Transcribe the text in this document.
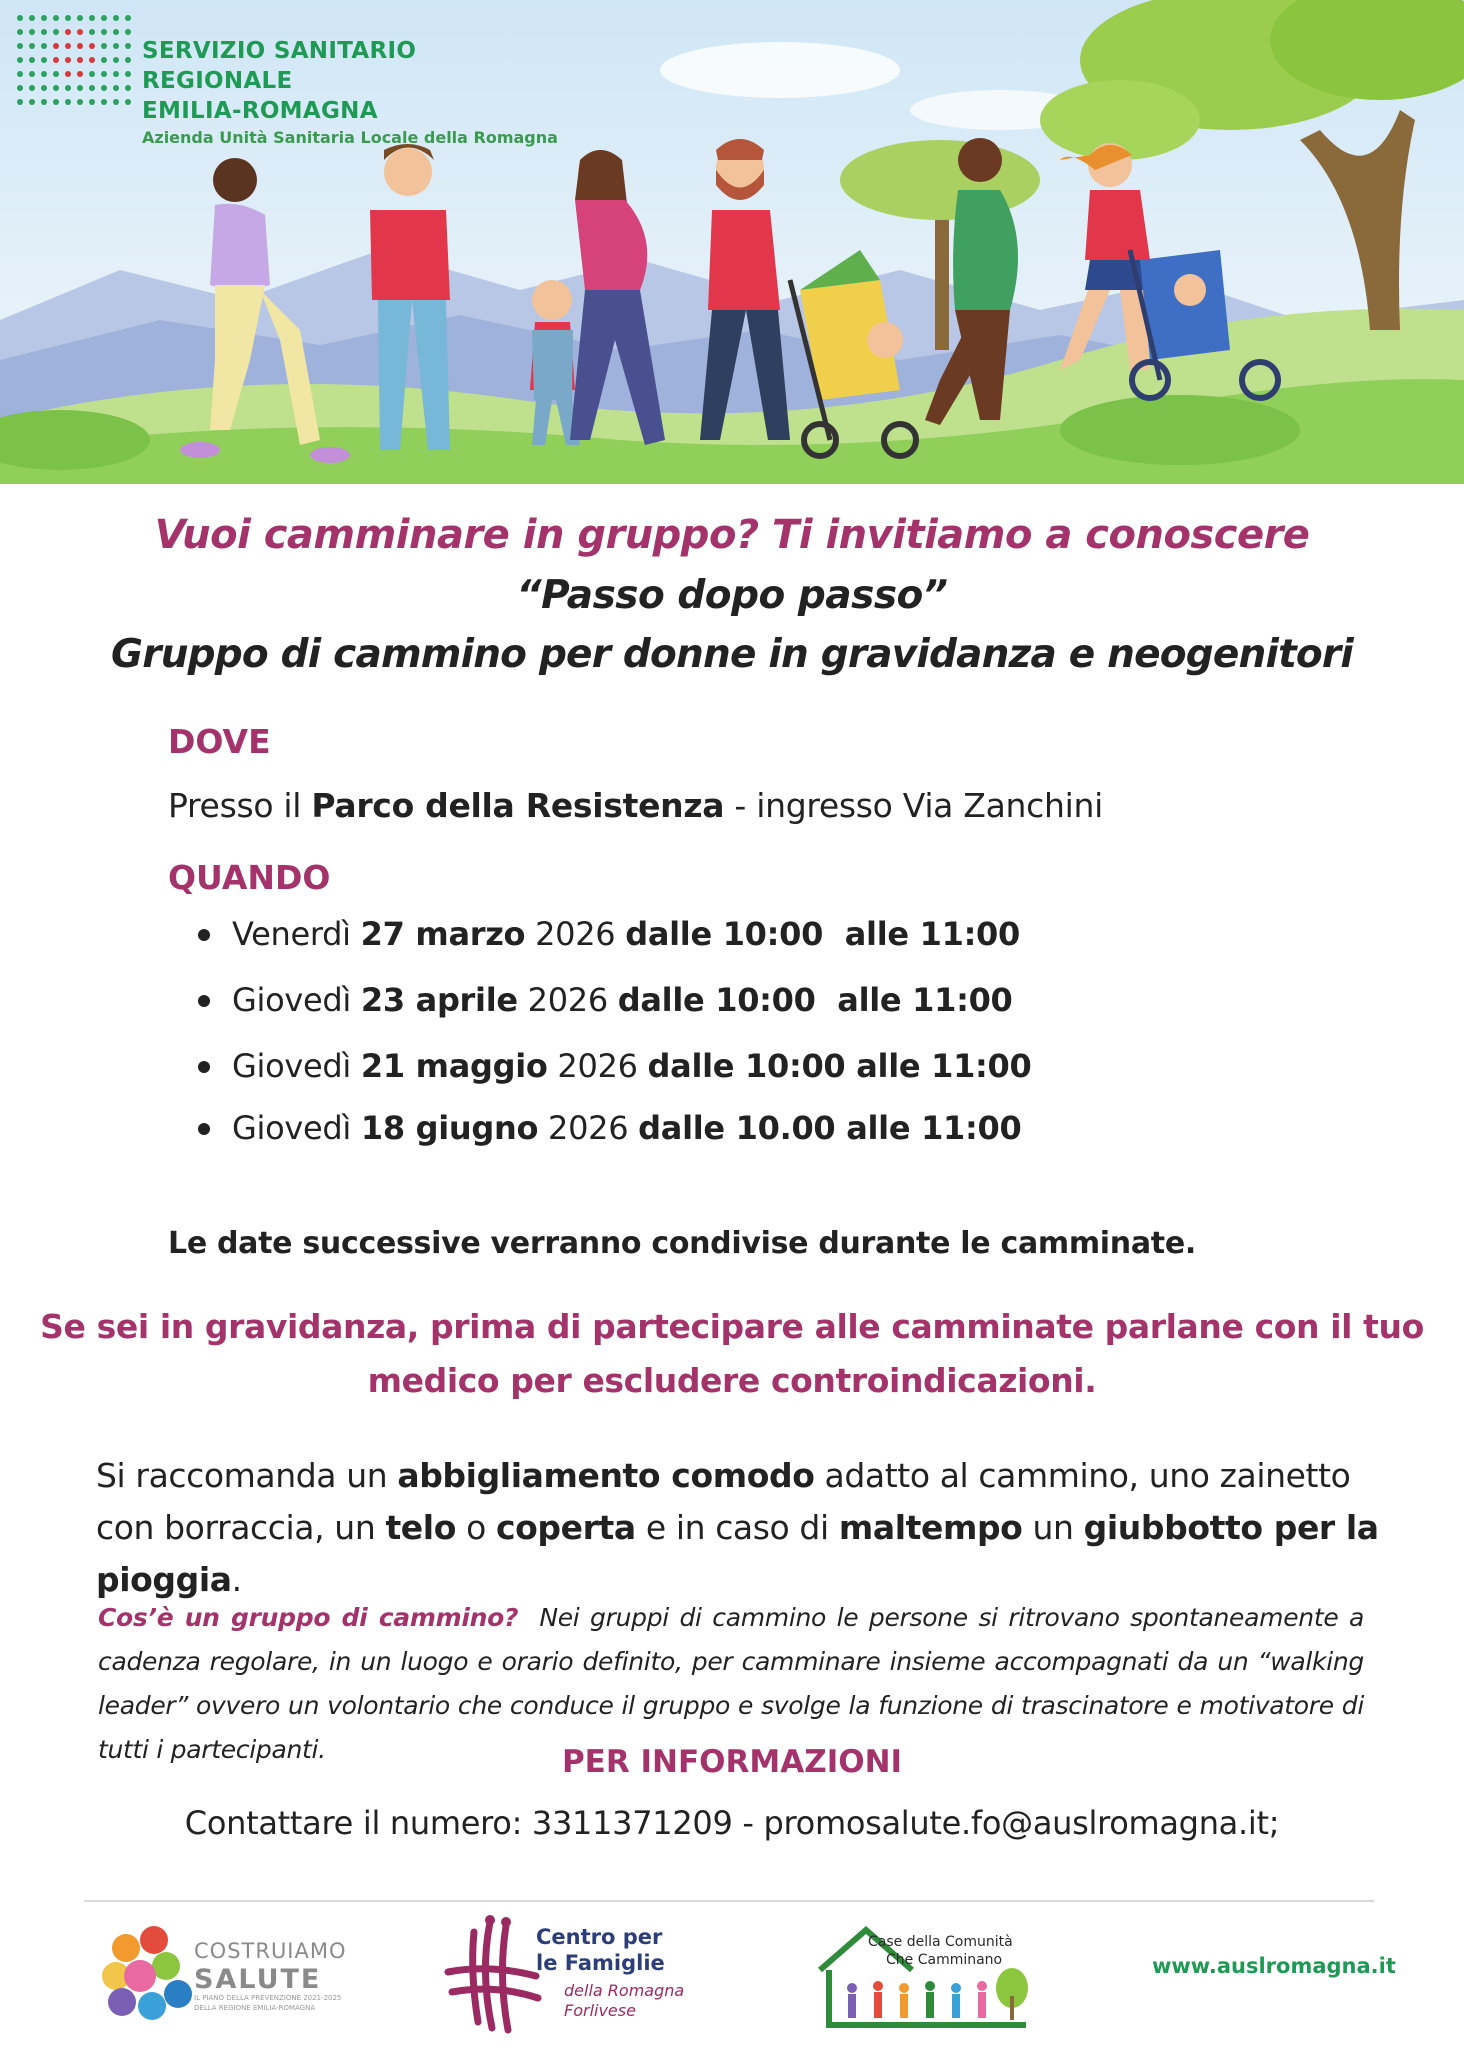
SERVIZIO SANITARIO REGIONALE
EMILIA-ROMAGNA
Azienda Unità Sanitaria Locale della Romagna
Vuoi camminare in gruppo? Ti invitiamo a conoscere
“Passo dopo passo”
Gruppo di cammino per donne in gravidanza e neogenitori
DOVE
Presso il Parco della Resistenza - ingresso Via Zanchini
QUANDO
Venerdì 27 marzo 2026 dalle 10:00  alle 11:00
Giovedì 23 aprile 2026 dalle 10:00  alle 11:00
Giovedì 21 maggio 2026 dalle 10:00 alle 11:00
Giovedì 18 giugno 2026 dalle 10.00 alle 11:00
Le date successive verranno condivise durante le camminate.
Se sei in gravidanza, prima di partecipare alle camminate parlane con il tuo
medico per escludere controindicazioni.
Si raccomanda un abbigliamento comodo adatto al cammino, uno zainetto con borraccia, un telo o coperta e in caso di maltempo un giubbotto per la pioggia.
Cos’è un gruppo di cammino?  Nei gruppi di cammino le persone si ritrovano spontaneamente a cadenza regolare, in un luogo e orario definito, per camminare insieme accompagnati da un “walking leader” ovvero un volontario che conduce il gruppo e svolge la funzione di trascinatore e motivatore di tutti i partecipanti.	PER INFORMAZIONI
Contattare il numero: 3311371209 - promosalute.fo@auslromagna.it;
COSTRUIAMO
SALUTE
IL PIANO DELLA PREVENZIONE 2021-2025
DELLA REGIONE EMILIA-ROMAGNA
Centro per
le Famiglie
della Romagna
Forlivese
Case della Comunità
Che Camminano	www.auslromagna.it
